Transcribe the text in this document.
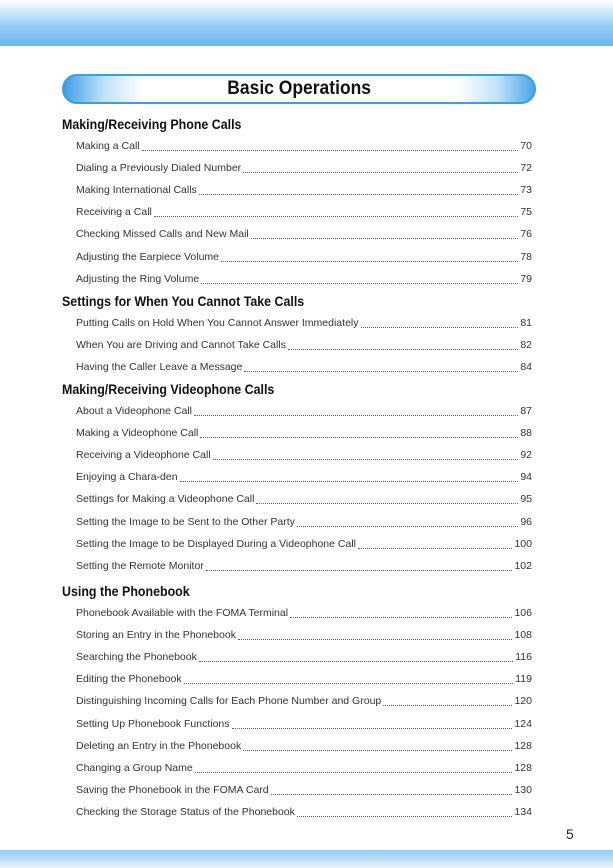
Basic Operations
Making/Receiving Phone Calls
Making a Call	70
Dialing a Previously Dialed Number	72
Making International Calls	73
Receiving a Call	75
Checking Missed Calls and New Mail	76
Adjusting the Earpiece Volume	78
Adjusting the Ring Volume	79
Settings for When You Cannot Take Calls
Putting Calls on Hold When You Cannot Answer Immediately	81
When You are Driving and Cannot Take Calls	82
Having the Caller Leave a Message	84
Making/Receiving Videophone Calls
About a Videophone Call	87
Making a Videophone Call	88
Receiving a Videophone Call	92
Enjoying a Chara-den	94
Settings for Making a Videophone Call	95
Setting the Image to be Sent to the Other Party	96
Setting the Image to be Displayed During a Videophone Call	100
Setting the Remote Monitor	102
Using the Phonebook
Phonebook Available with the FOMA Terminal	106
Storing an Entry in the Phonebook	108
Searching the Phonebook	116
Editing the Phonebook	119
Distinguishing Incoming Calls for Each Phone Number and Group	120
Setting Up Phonebook Functions	124
Deleting an Entry in the Phonebook	128
Changing a Group Name	128
Saving the Phonebook in the FOMA Card	130
Checking the Storage Status of the Phonebook	134
5
